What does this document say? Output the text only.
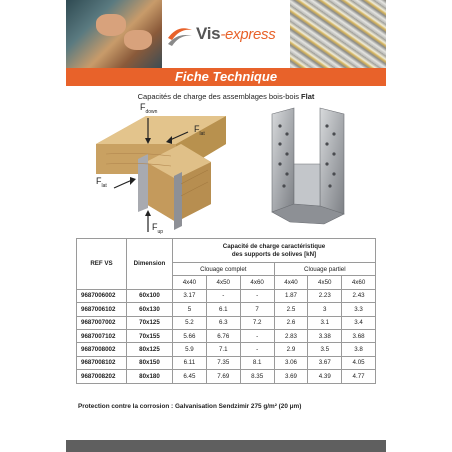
Vis-express
Fiche Technique
Capacités de charge des assemblages bois-bois Flat
$F_{down}$
$F_{lat}$
$F_{lat}$
$F_{up}$
REF VS	Dimension	Capacité de charge caractéristique
des supports de solives [kN]					
		Clouage complet			Clouage partiel		
		4x40	4x50	4x60	4x40	4x50	4x60
9687006002	60x100	3.17	-	-	1.87	2.23	2.43
9687006102	60x130	5	6.1	7	2.5	3	3.3
9687007002	70x125	5.2	6.3	7.2	2.6	3.1	3.4
9687007102	70x155	5.66	6.76	-	2.83	3.38	3.68
9687008002	80x125	5.9	7.1	-	2.9	3.5	3.8
9687008102	80x150	6.11	7.35	8.1	3.06	3.67	4.05
9687008202	80x180	6.45	7.69	8.35	3.69	4.39	4.77
Protection contre la corrosion : Galvanisation Sendzimir 275 g/m² (20 μm)
